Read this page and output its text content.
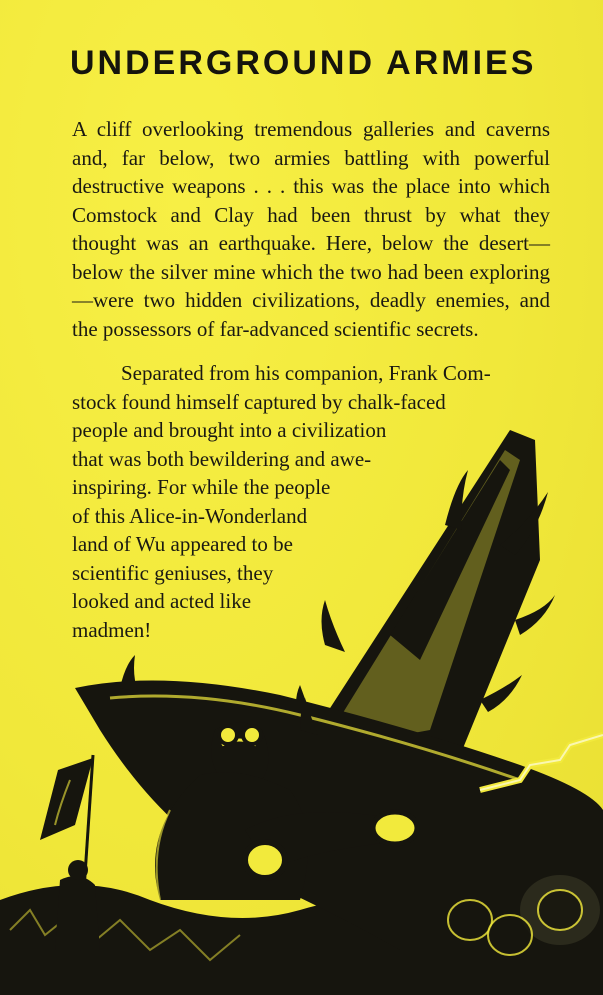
UNDERGROUND ARMIES

A cliff overlooking tremendous galleries and caverns and, far below, two armies battling with powerful destructive weapons . . . this was the place into which Comstock and Clay had been thrust by what they thought was an earthquake. Here, below the desert—below the silver mine which the two had been exploring—were two hidden civilizations, deadly enemies, and the possessors of far-advanced scientific secrets.

Separated from his companion, Frank Com-
stock found himself captured by chalk-faced
people and brought into a civilization
that was both bewildering and awe-
inspiring. For while the people
of this Alice-in-Wonderland
land of Wu appeared to be
scientific geniuses, they
looked and acted like
madmen!
